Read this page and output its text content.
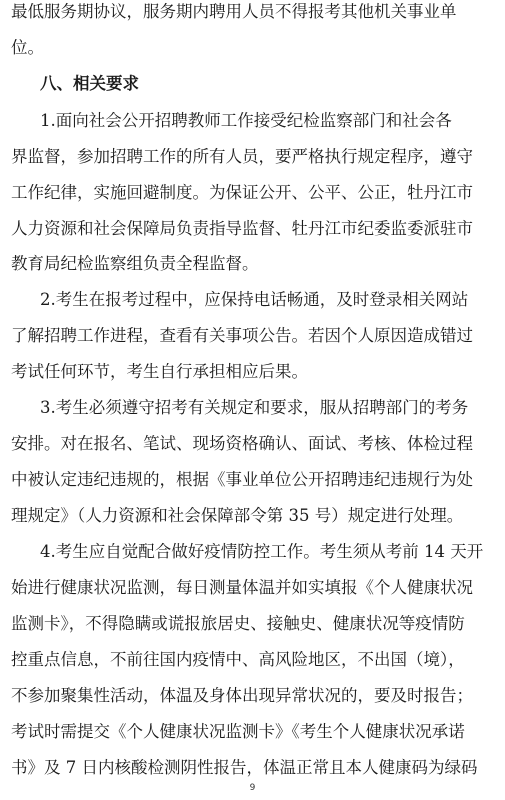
最低服务期协议，服务期内聘用人员不得报考其他机关事业单
位。
八、相关要求
1.面向社会公开招聘教师工作接受纪检监察部门和社会各
界监督，参加招聘工作的所有人员，要严格执行规定程序，遵守
工作纪律，实施回避制度。为保证公开、公平、公正，牡丹江市
人力资源和社会保障局负责指导监督、牡丹江市纪委监委派驻市
教育局纪检监察组负责全程监督。
2.考生在报考过程中，应保持电话畅通，及时登录相关网站
了解招聘工作进程，查看有关事项公告。若因个人原因造成错过
考试任何环节，考生自行承担相应后果。
3.考生必须遵守招考有关规定和要求，服从招聘部门的考务
安排。对在报名、笔试、现场资格确认、面试、考核、体检过程
中被认定违纪违规的，根据《事业单位公开招聘违纪违规行为处
理规定》（人力资源和社会保障部令第 35 号）规定进行处理。
4.考生应自觉配合做好疫情防控工作。考生须从考前 14 天开
始进行健康状况监测，每日测量体温并如实填报《个人健康状况
监测卡》，不得隐瞒或谎报旅居史、接触史、健康状况等疫情防
控重点信息，不前往国内疫情中、高风险地区，不出国（境），
不参加聚集性活动，体温及身体出现异常状况的，要及时报告；
考试时需提交《个人健康状况监测卡》《考生个人健康状况承诺
书》及 7 日内核酸检测阴性报告，体温正常且本人健康码为绿码
9
